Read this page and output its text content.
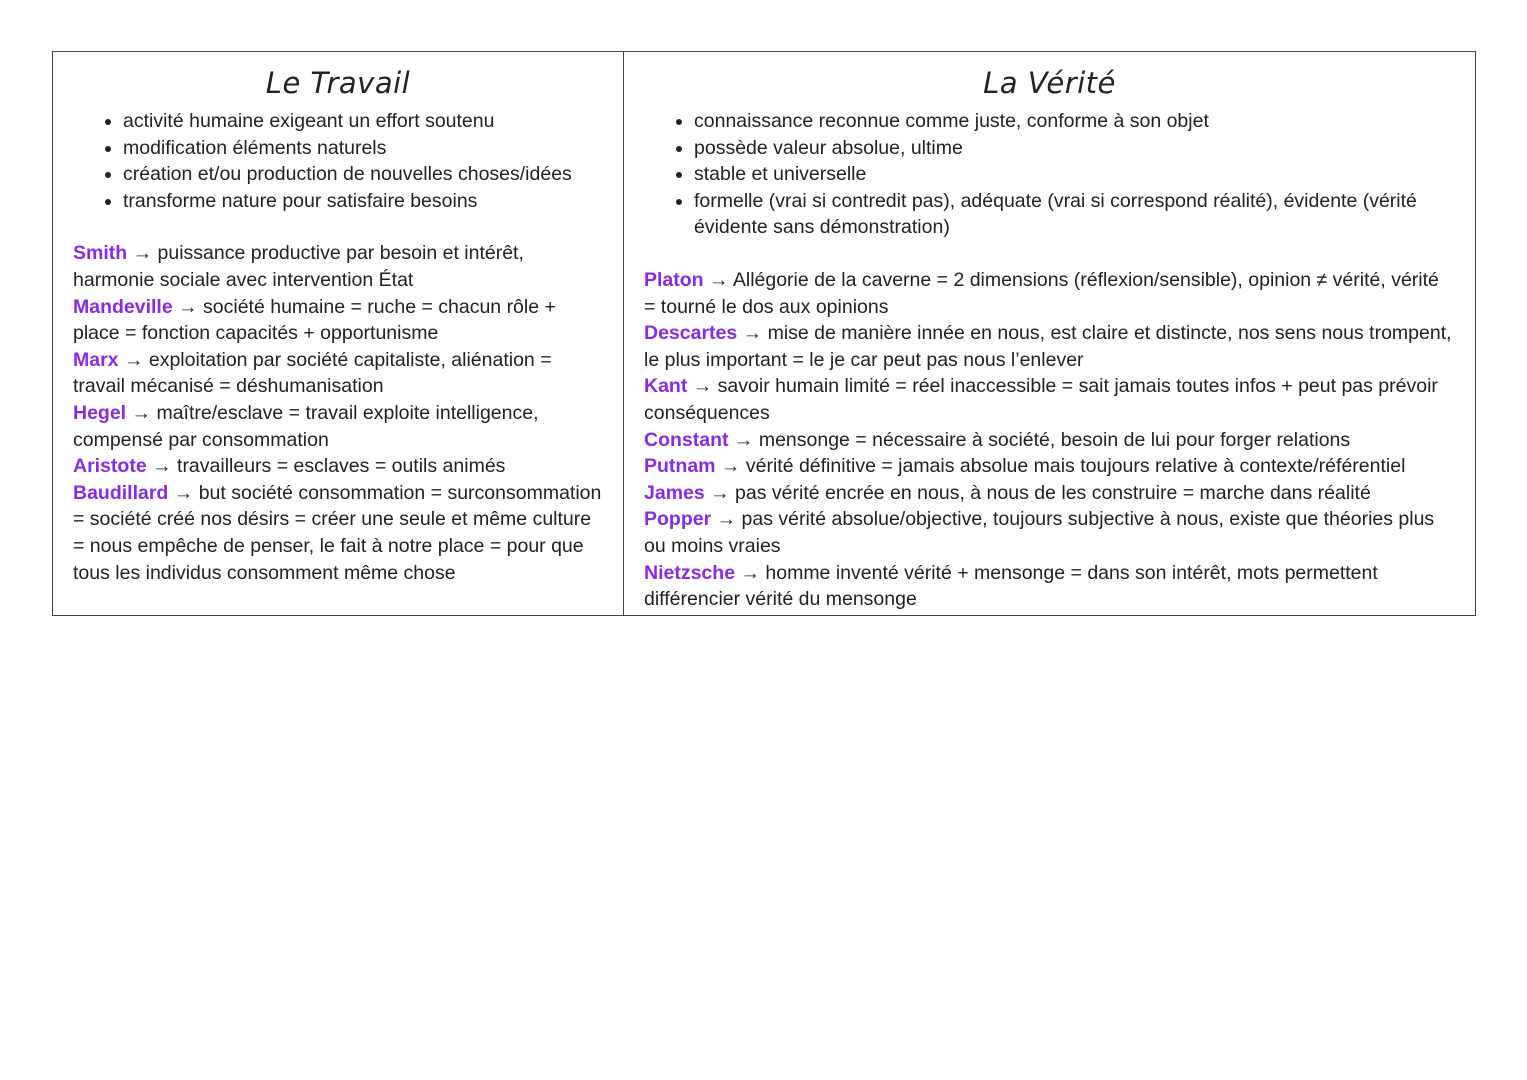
Le Travail
• activité humaine exigeant un effort soutenu
• modification éléments naturels
• création et/ou production de nouvelles choses/idées
• transforme nature pour satisfaire besoins
Smith → puissance productive par besoin et intérêt, harmonie sociale avec intervention État
Mandeville → société humaine = ruche = chacun rôle + place = fonction capacités + opportunisme
Marx → exploitation par société capitaliste, aliénation = travail mécanisé = déshumanisation
Hegel → maître/esclave = travail exploite intelligence, compensé par consommation
Aristote → travailleurs = esclaves = outils animés
Baudillard → but société consommation = surconsommation = société créé nos désirs = créer une seule et même culture = nous empêche de penser, le fait à notre place = pour que tous les individus consomment même chose
La Vérité
• connaissance reconnue comme juste, conforme à son objet
• possède valeur absolue, ultime
• stable et universelle
• formelle (vrai si contredit pas), adéquate (vrai si correspond réalité), évidente (vérité évidente sans démonstration)
Platon → Allégorie de la caverne = 2 dimensions (réflexion/sensible), opinion ≠ vérité, vérité = tourné le dos aux opinions
Descartes → mise de manière innée en nous, est claire et distincte, nos sens nous trompent, le plus important = le je car peut pas nous l’enlever
Kant → savoir humain limité = réel inaccessible = sait jamais toutes infos + peut pas prévoir conséquences
Constant → mensonge = nécessaire à société, besoin de lui pour forger relations
Putnam → vérité définitive = jamais absolue mais toujours relative à contexte/référentiel
James → pas vérité encrée en nous, à nous de les construire = marche dans réalité
Popper → pas vérité absolue/objective, toujours subjective à nous, existe que théories plus ou moins vraies
Nietzsche → homme inventé vérité + mensonge = dans son intérêt, mots permettent différencier vérité du mensonge
